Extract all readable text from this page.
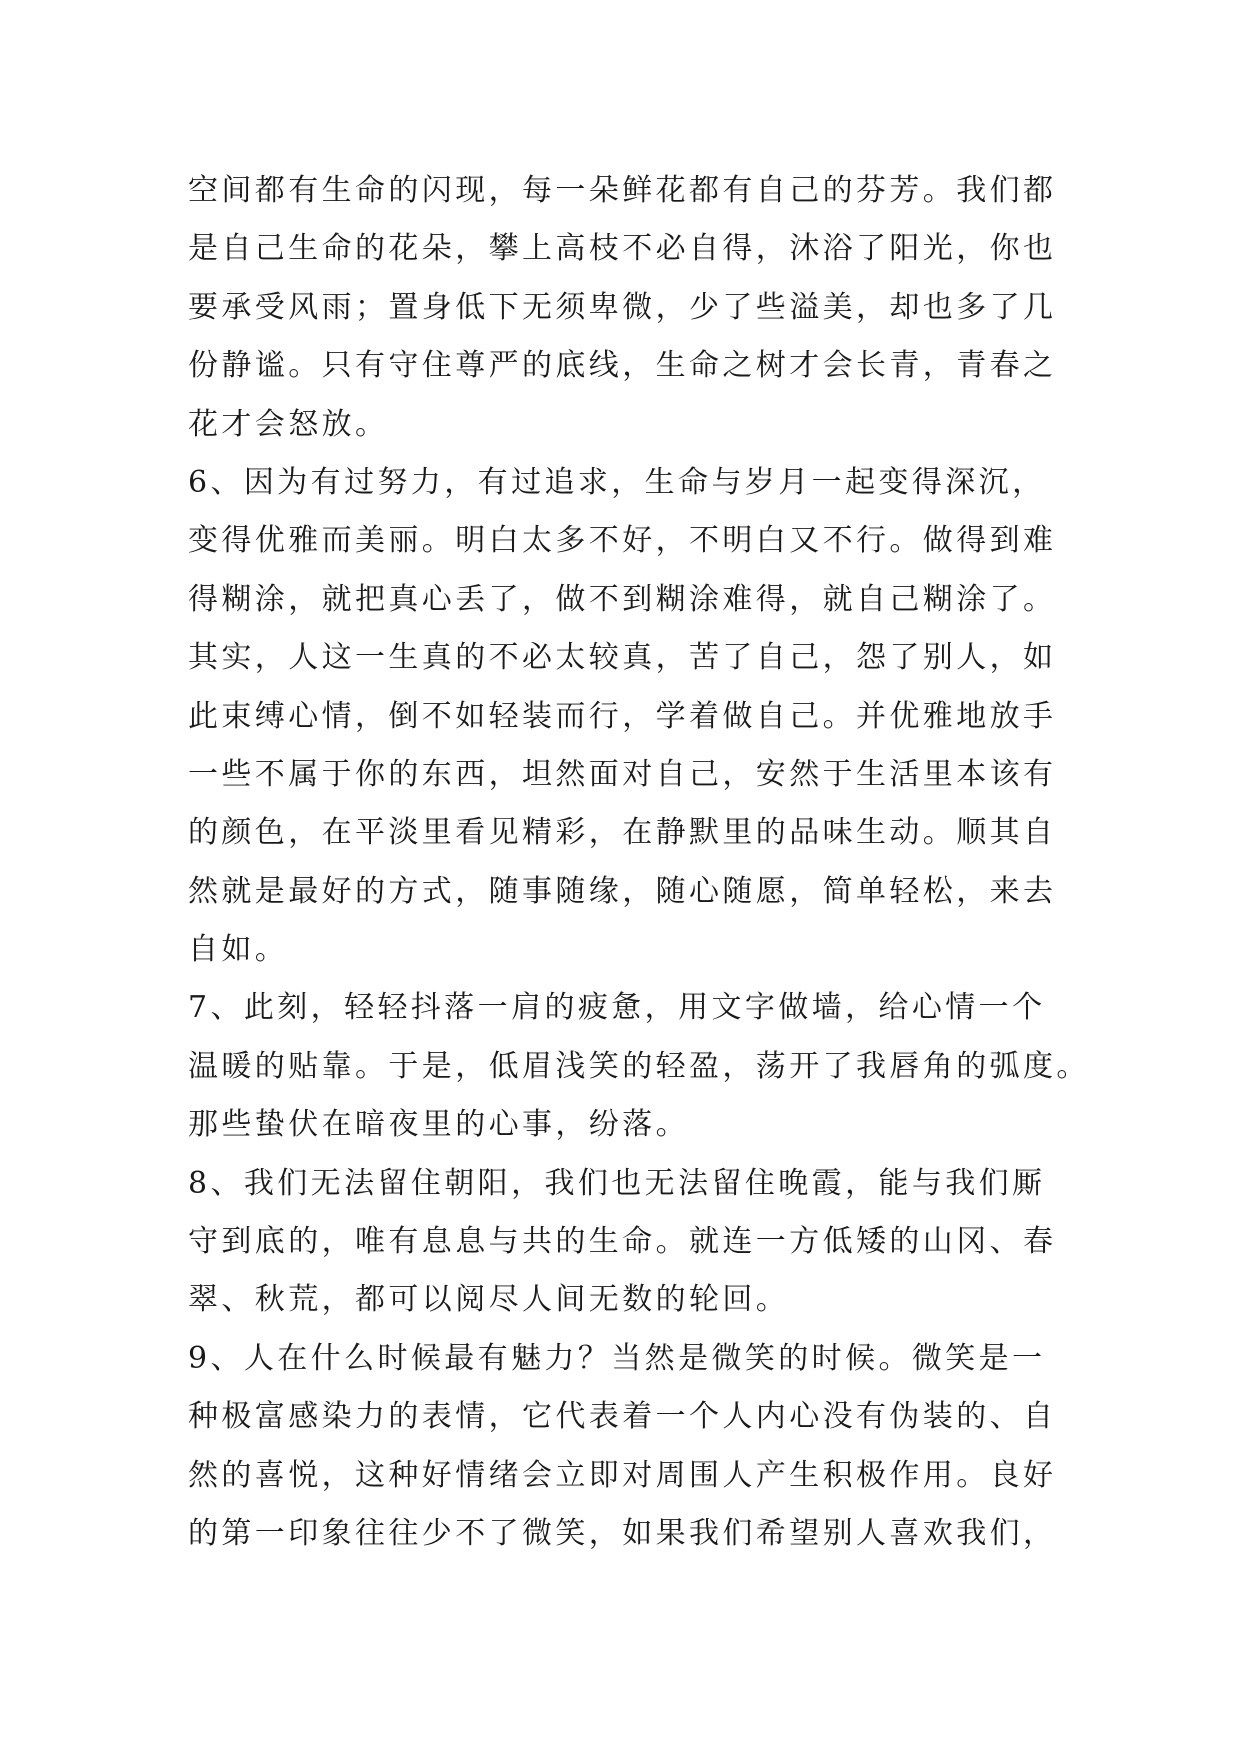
空间都有生命的闪现，每一朵鲜花都有自己的芬芳。我们都
是自己生命的花朵，攀上高枝不必自得，沐浴了阳光，你也
要承受风雨；置身低下无须卑微，少了些溢美，却也多了几
份静谧。只有守住尊严的底线，生命之树才会长青，青春之
花才会怒放。
6、因为有过努力，有过追求，生命与岁月一起变得深沉，
变得优雅而美丽。明白太多不好，不明白又不行。做得到难
得糊涂，就把真心丢了，做不到糊涂难得，就自己糊涂了。
其实，人这一生真的不必太较真，苦了自己，怨了别人，如
此束缚心情，倒不如轻装而行，学着做自己。并优雅地放手
一些不属于你的东西，坦然面对自己，安然于生活里本该有
的颜色，在平淡里看见精彩，在静默里的品味生动。顺其自
然就是最好的方式，随事随缘，随心随愿，简单轻松，来去
自如。
7、此刻，轻轻抖落一肩的疲惫，用文字做墙，给心情一个
温暖的贴靠。于是，低眉浅笑的轻盈，荡开了我唇角的弧度。
那些蛰伏在暗夜里的心事，纷落。
8、我们无法留住朝阳，我们也无法留住晚霞，能与我们厮
守到底的，唯有息息与共的生命。就连一方低矮的山冈、春
翠、秋荒，都可以阅尽人间无数的轮回。
9、人在什么时候最有魅力？当然是微笑的时候。微笑是一
种极富感染力的表情，它代表着一个人内心没有伪装的、自
然的喜悦，这种好情绪会立即对周围人产生积极作用。良好
的第一印象往往少不了微笑，如果我们希望别人喜欢我们，
